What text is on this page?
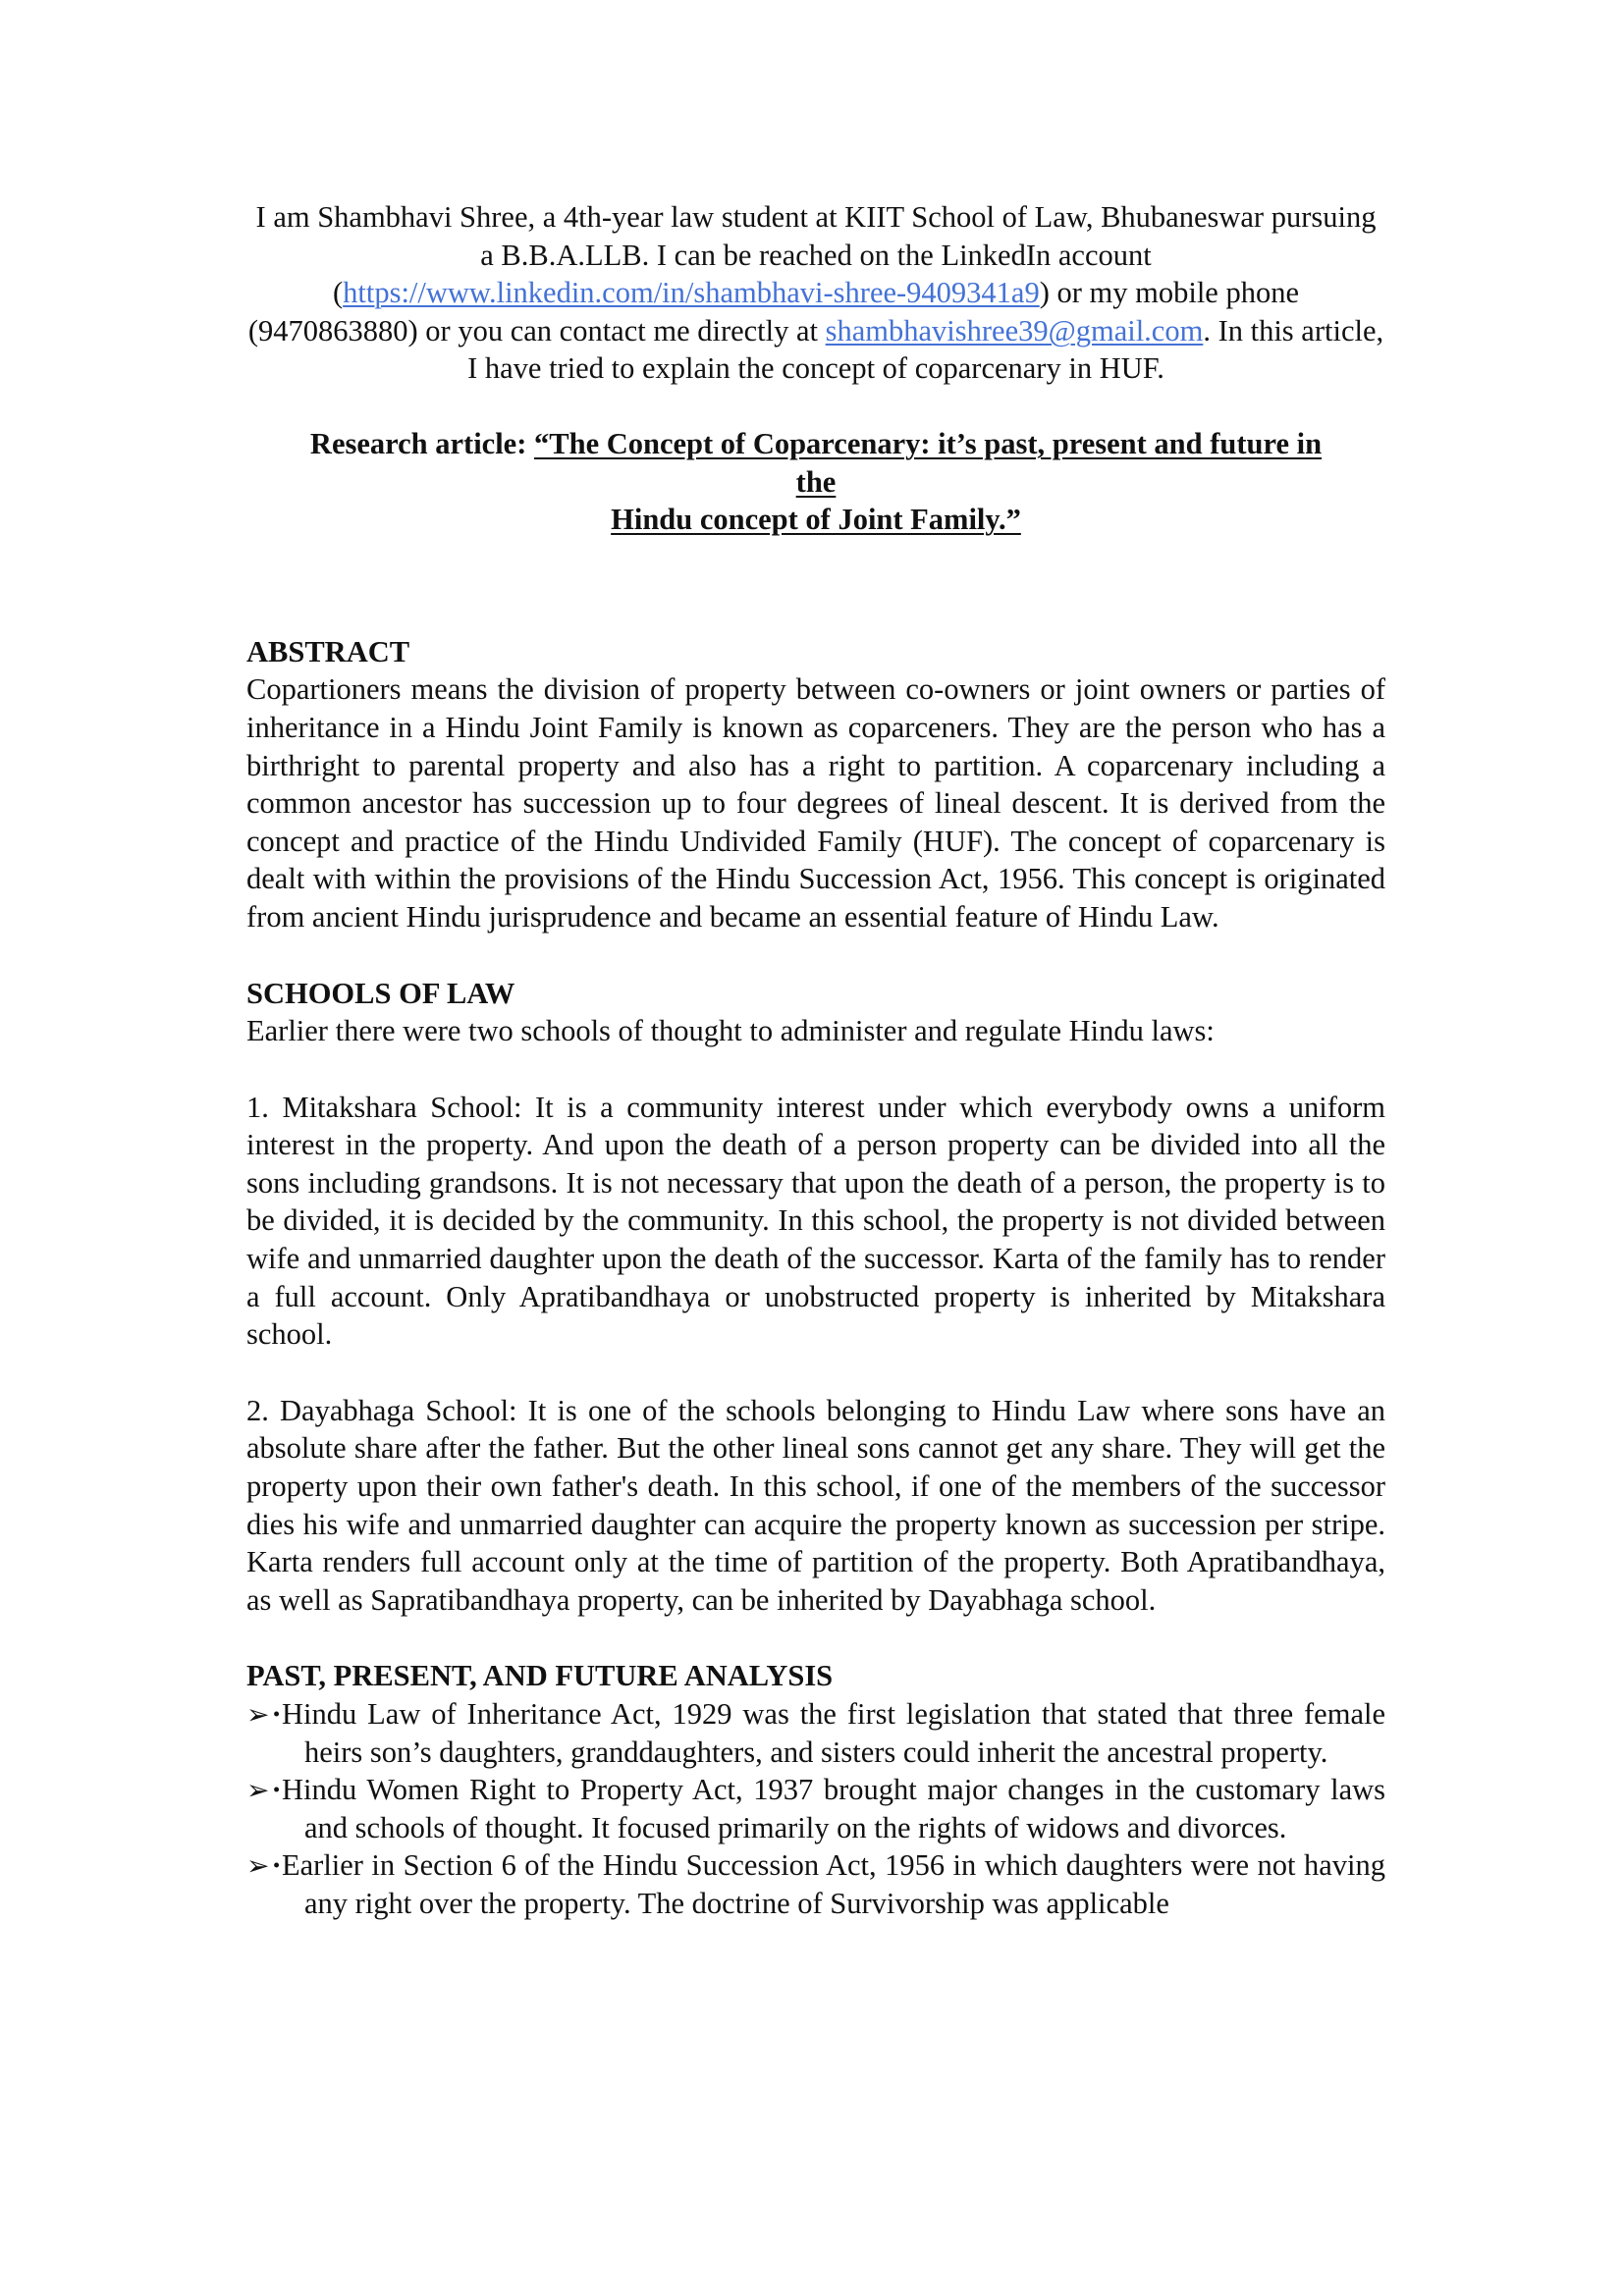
I am Shambhavi Shree, a 4th-year law student at KIIT School of Law, Bhubaneswar pursuing a B.B.A.LLB. I can be reached on the LinkedIn account (https://www.linkedin.com/in/shambhavi-shree-9409341a9) or my mobile phone (9470863880) or you can contact me directly at shambhavishree39@gmail.com. In this article, I have tried to explain the concept of coparcenary in HUF.

Research article: “The Concept of Coparcenary: it’s past, present and future in
the
Hindu concept of Joint Family.”

ABSTRACT

Copartioners means the division of property between co-owners or joint owners or parties of inheritance in a Hindu Joint Family is known as coparceners. They are the person who has a birthright to parental property and also has a right to partition. A coparcenary including a common ancestor has succession up to four degrees of lineal descent. It is derived from the concept and practice of the Hindu Undivided Family (HUF). The concept of coparcenary is dealt with within the provisions of the Hindu Succession Act, 1956. This concept is originated from ancient Hindu jurisprudence and became an essential feature of Hindu Law.

SCHOOLS OF LAW

Earlier there were two schools of thought to administer and regulate Hindu laws:

1. Mitakshara School: It is a community interest under which everybody owns a uniform interest in the property. And upon the death of a person property can be divided into all the sons including grandsons. It is not necessary that upon the death of a person, the property is to be divided, it is decided by the community. In this school, the property is not divided between wife and unmarried daughter upon the death of the successor. Karta of the family has to render a full account. Only Apratibandhaya or unobstructed property is inherited by Mitakshara school.

2. Dayabhaga School: It is one of the schools belonging to Hindu Law where sons have an absolute share after the father. But the other lineal sons cannot get any share. They will get the property upon their own father's death. In this school, if one of the members of the successor dies his wife and unmarried daughter can acquire the property known as succession per stripe. Karta renders full account only at the time of partition of the property. Both Apratibandhaya, as well as Sapratibandhaya property, can be inherited by Dayabhaga school.

PAST, PRESENT, AND FUTURE ANALYSIS
➢· Hindu Law of Inheritance Act, 1929 was the first legislation that stated that three female heirs son’s daughters, granddaughters, and sisters could inherit the ancestral property.
➢· Hindu Women Right to Property Act, 1937 brought major changes in the customary laws and schools of thought. It focused primarily on the rights of widows and divorces.
➢· Earlier in Section 6 of the Hindu Succession Act, 1956 in which daughters were not having any right over the property. The doctrine of Survivorship was applicable
